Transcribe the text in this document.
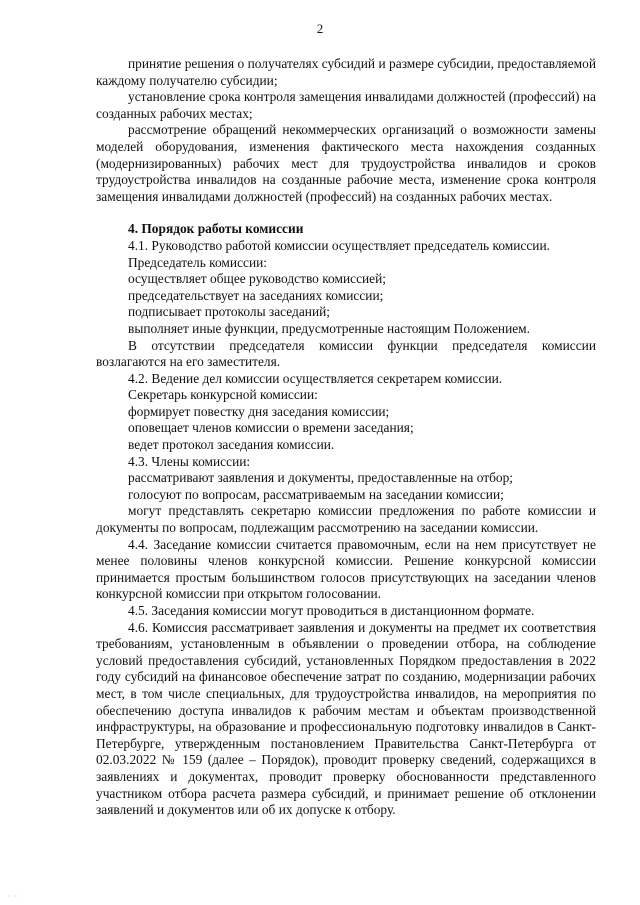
2

принятие решения о получателях субсидий и размере субсидии, предоставляемой каждому получателю субсидии;

установление срока контроля замещения инвалидами должностей (профессий) на созданных рабочих местах;

рассмотрение обращений некоммерческих организаций о возможности замены моделей оборудования, изменения фактического места нахождения созданных (модернизированных) рабочих мест для трудоустройства инвалидов и сроков трудоустройства инвалидов на созданные рабочие места, изменение срока контроля замещения инвалидами должностей (профессий) на созданных рабочих местах.

4. Порядок работы комиссии

4.1. Руководство работой комиссии осуществляет председатель комиссии.

Председатель комиссии:

осуществляет общее руководство комиссией;

председательствует на заседаниях комиссии;

подписывает протоколы заседаний;

выполняет иные функции, предусмотренные настоящим Положением.

В отсутствии председателя комиссии функции председателя комиссии возлагаются на его заместителя.

4.2. Ведение дел комиссии осуществляется секретарем комиссии.

Секретарь конкурсной комиссии:

формирует повестку дня заседания комиссии;

оповещает членов комиссии о времени заседания;

ведет протокол заседания комиссии.

4.3. Члены комиссии:

рассматривают заявления и документы, предоставленные на отбор;

голосуют по вопросам, рассматриваемым на заседании комиссии;

могут представлять секретарю комиссии предложения по работе комиссии и документы по вопросам, подлежащим рассмотрению на заседании комиссии.

4.4. Заседание комиссии считается правомочным, если на нем присутствует не менее половины членов конкурсной комиссии. Решение конкурсной комиссии принимается простым большинством голосов присутствующих на заседании членов конкурсной комиссии при открытом голосовании.

4.5. Заседания комиссии могут проводиться в дистанционном формате.

4.6. Комиссия рассматривает заявления и документы на предмет их соответствия требованиям, установленным в объявлении о проведении отбора, на соблюдение условий предоставления субсидий, установленных Порядком предоставления в 2022 году субсидий на финансовое обеспечение затрат по созданию, модернизации рабочих мест, в том числе специальных, для трудоустройства инвалидов, на мероприятия по обеспечению доступа инвалидов к рабочим местам и объектам производственной инфраструктуры, на образование и профессиональную подготовку инвалидов в Санкт-Петербурге, утвержденным постановлением Правительства Санкт-Петербурга от 02.03.2022 № 159 (далее – Порядок), проводит проверку сведений, содержащихся в заявлениях и документах, проводит проверку обоснованности представленного участником отбора расчета размера субсидий, и принимает решение об отклонении заявлений и документов или об их допуске к отбору.

· ·
